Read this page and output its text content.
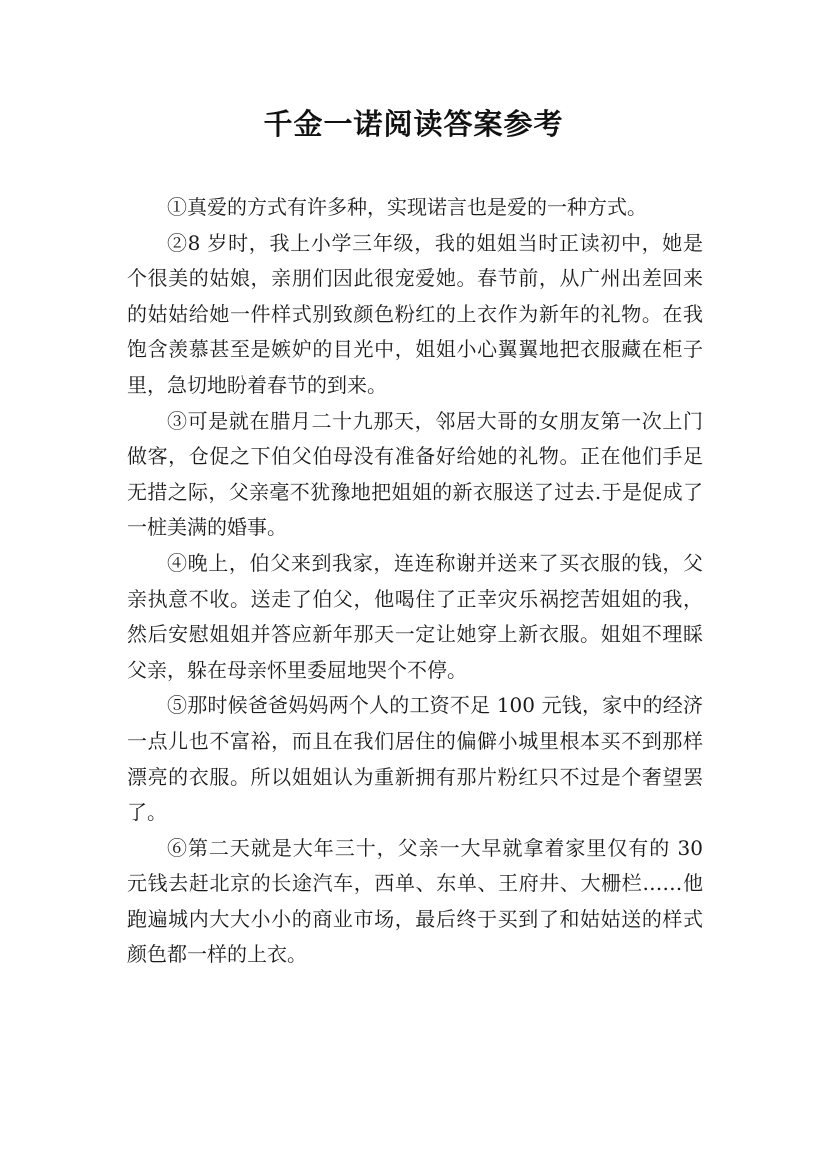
千金一诺阅读答案参考

①真爱的方式有许多种，实现诺言也是爱的一种方式。

②8 岁时，我上小学三年级，我的姐姐当时正读初中，她是个很美的姑娘，亲朋们因此很宠爱她。春节前，从广州出差回来的姑姑给她一件样式别致颜色粉红的上衣作为新年的礼物。在我饱含羡慕甚至是嫉妒的目光中，姐姐小心翼翼地把衣服藏在柜子里，急切地盼着春节的到来。

③可是就在腊月二十九那天，邻居大哥的女朋友第一次上门做客，仓促之下伯父伯母没有准备好给她的礼物。正在他们手足无措之际，父亲毫不犹豫地把姐姐的新衣服送了过去.于是促成了一桩美满的婚事。

④晚上，伯父来到我家，连连称谢并送来了买衣服的钱，父亲执意不收。送走了伯父，他喝住了正幸灾乐祸挖苦姐姐的我，然后安慰姐姐并答应新年那天一定让她穿上新衣服。姐姐不理睬父亲，躲在母亲怀里委屈地哭个不停。

⑤那时候爸爸妈妈两个人的工资不足 100 元钱，家中的经济一点儿也不富裕，而且在我们居住的偏僻小城里根本买不到那样漂亮的衣服。所以姐姐认为重新拥有那片粉红只不过是个奢望罢了。

⑥第二天就是大年三十，父亲一大早就拿着家里仅有的 30 元钱去赶北京的长途汽车，西单、东单、王府井、大栅栏……他跑遍城内大大小小的商业市场，最后终于买到了和姑姑送的样式颜色都一样的上衣。
